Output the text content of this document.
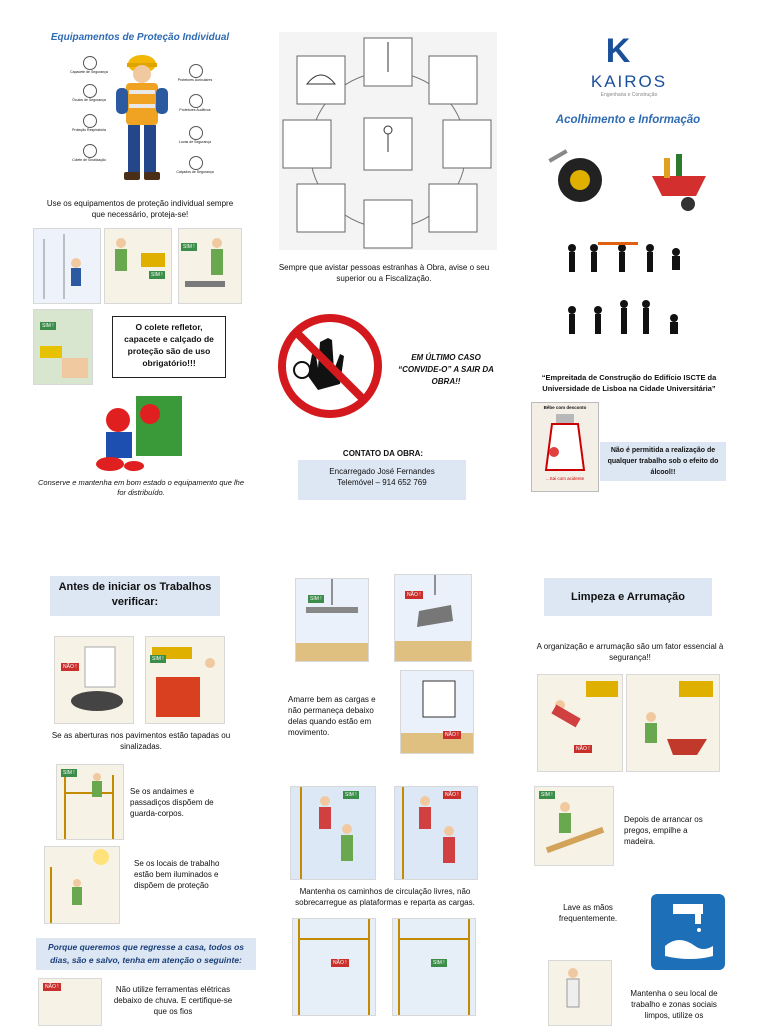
Equipamentos de Proteção Individual
Capacete de Segurança
Óculos de Segurança
Proteção Respiratória
Colete de Sinalização
Protetores Auriculares
Protetores Auditivos
Luvas de Segurança
Calçados de Segurança
Use os equipamentos de proteção individual sempre que necessário, proteja-se!
SIM !
SIM !
SIM !	O colete refletor, capacete e calçado de proteção são de uso obrigatório!!!
Conserve e mantenha em bom estado o equipamento que lhe for distribuído.
Sempre que avistar pessoas estranhas à Obra, avise o seu superior ou a Fiscalização.
EM ÚLTIMO CASO “CONVIDE-O” A SAIR DA OBRA!!
CONTATO DA OBRA:
Encarregado José Fernandes
Telemóvel – 914 652 769
K
KAIROS
Engenharia e Construção
Acolhimento e Informação
“Empreitada de Construção do Edifício ISCTE da Universidade de Lisboa na Cidade Universitária”
Bêbe com desconto
...Sai com acidente
Não é permitida a realização de qualquer trabalho sob o efeito do álcool!!
Antes de iniciar os Trabalhos verificar:
NÃO !
SIM !
Se as aberturas nos pavimentos estão tapadas ou sinalizadas.
SIM !
Se os andaimes e passadiços dispõem de guarda-corpos.
Se os locais de trabalho estão bem iluminados e dispõem de proteção
Porque queremos que regresse a casa, todos os dias, são e salvo, tenha em atenção o seguinte:
NÃO !	Não utilize ferramentas elétricas debaixo de chuva. E certifique-se que os fios
SIM !
NÃO !
Amarre bem as cargas e não permaneça debaixo delas quando estão em movimento.	NÃO !
SIM !	NÃO !
Mantenha os caminhos de circulação livres, não sobrecarregue as plataformas e reparta as cargas.
NÃO !	SIM !
Limpeza e Arrumação
A organização e arrumação são um fator essencial à segurança!!
NÃO !
SIM !
Depois de arrancar os pregos, empilhe a madeira.
Lave as mãos frequentemente.
Mantenha o seu local de trabalho e zonas sociais limpos, utilize os
